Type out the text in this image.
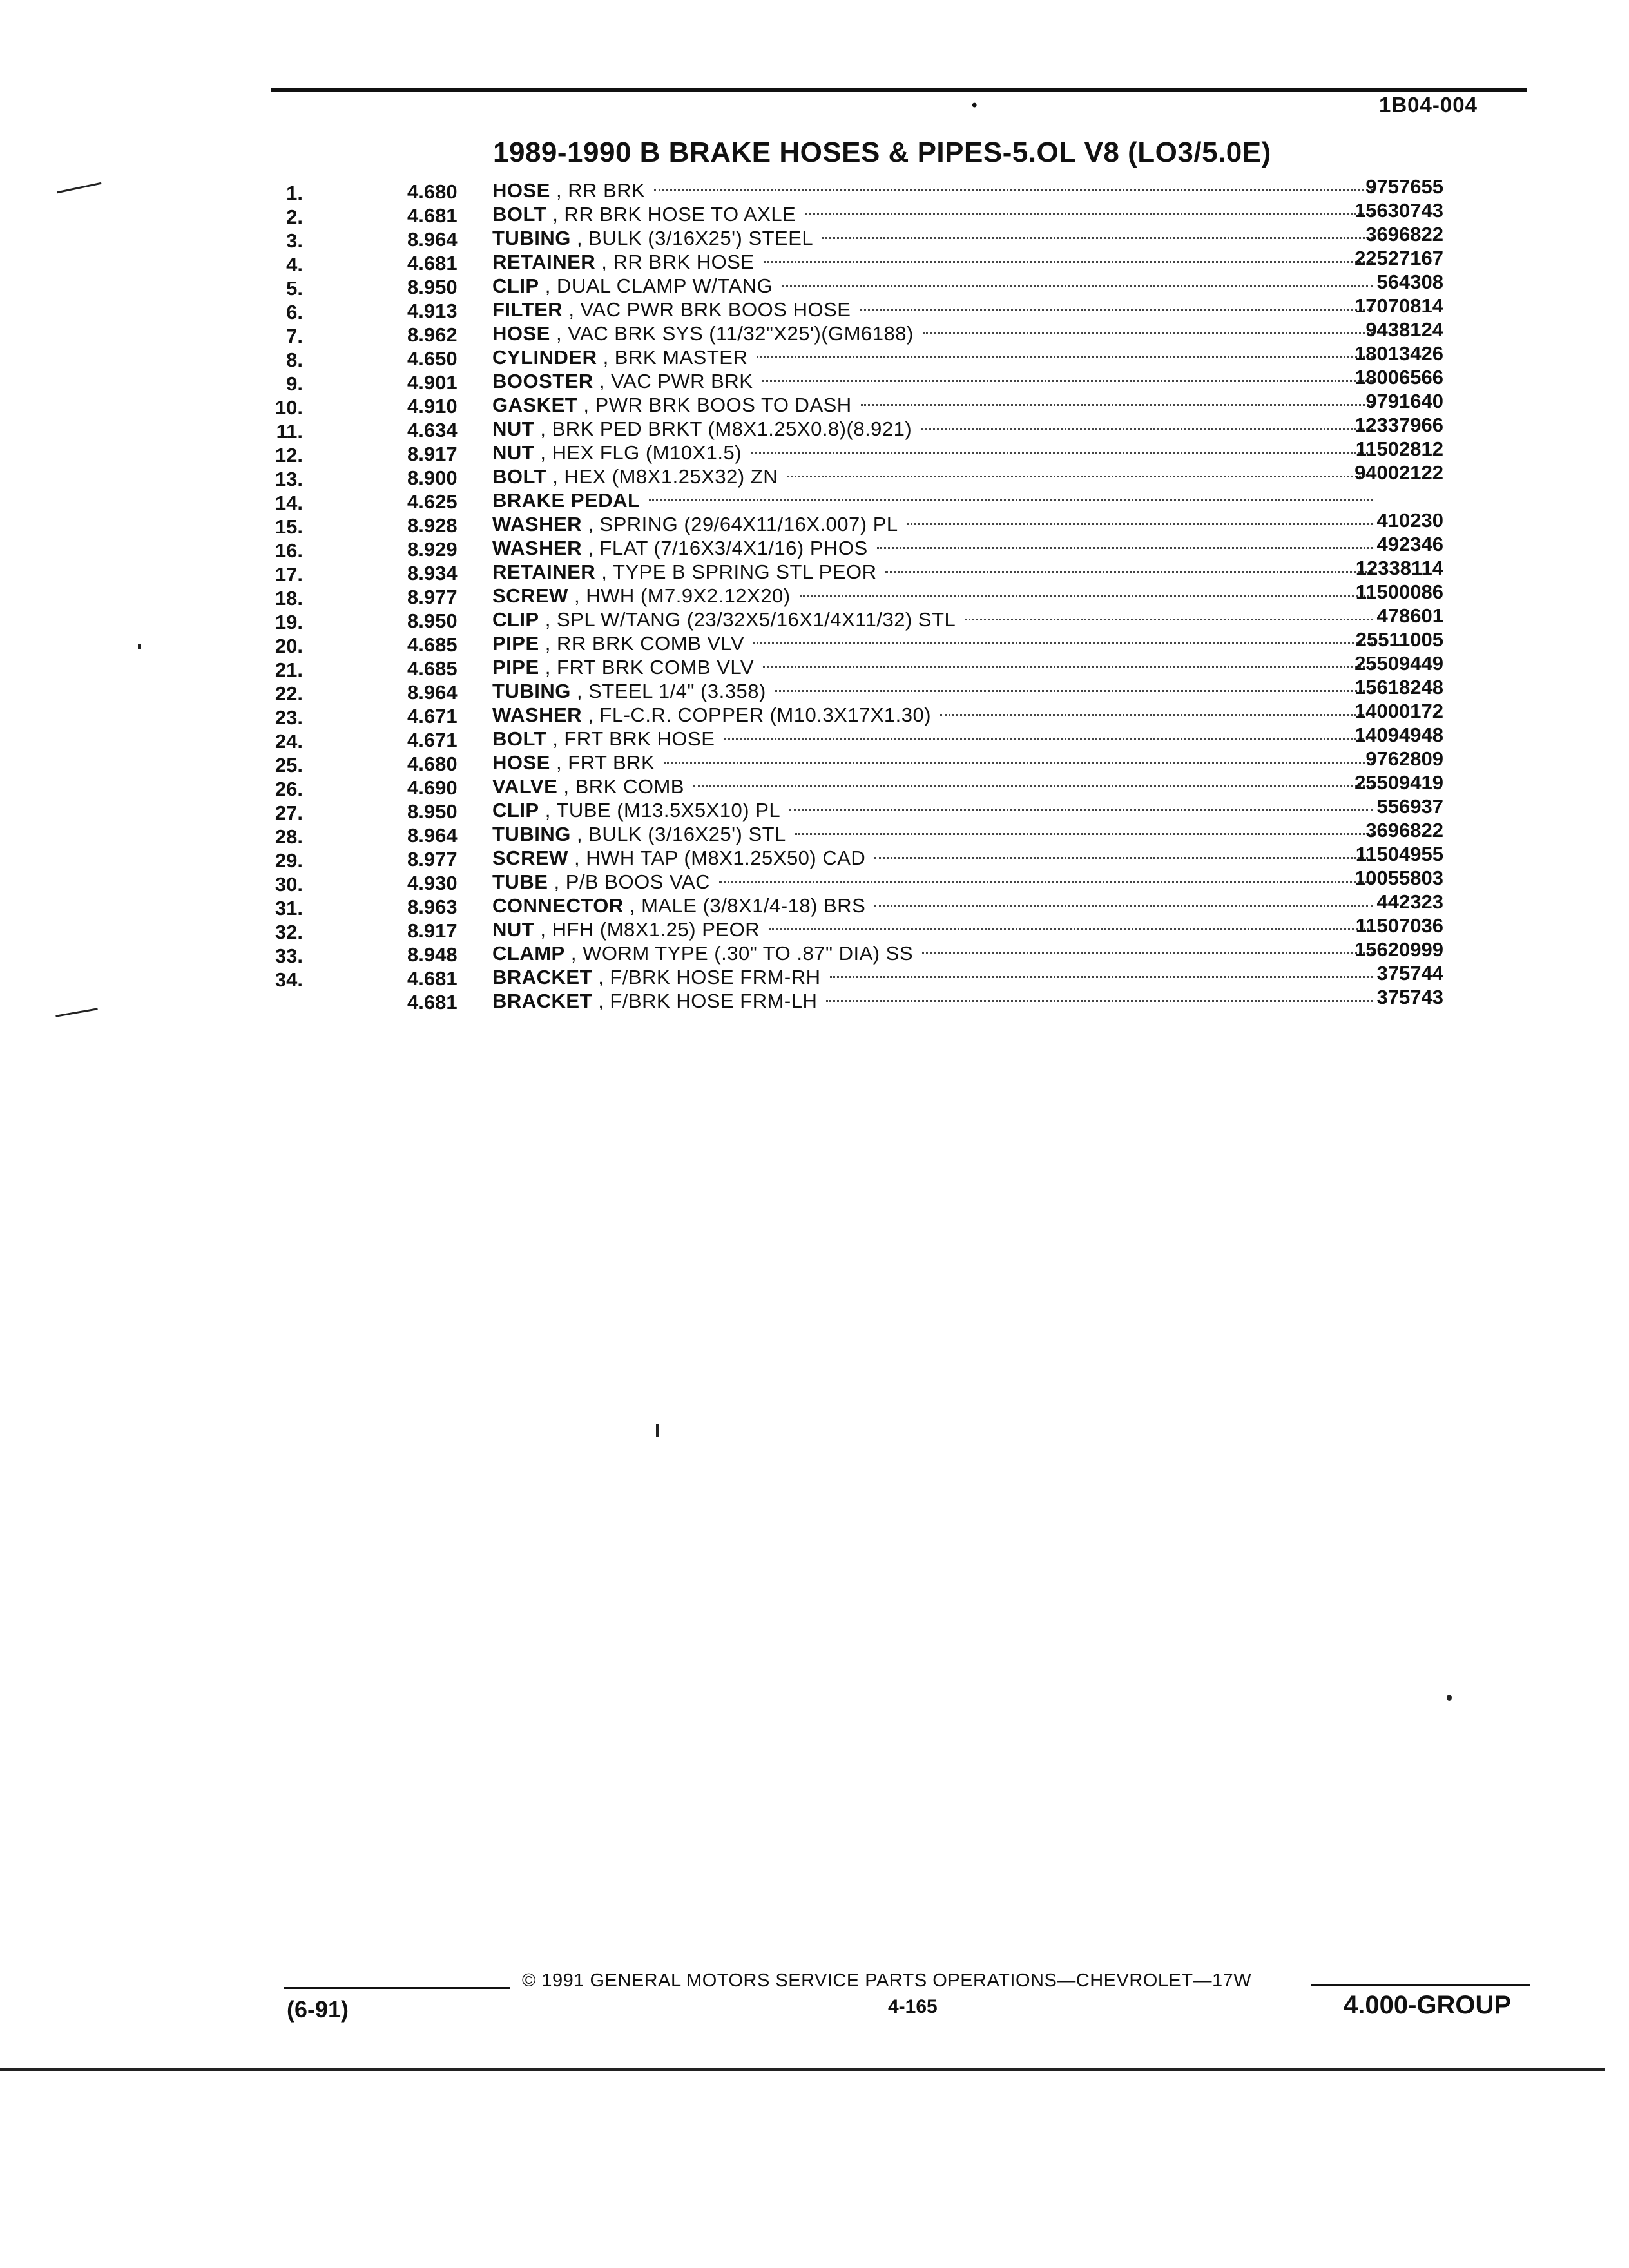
•	1B04-004
1989-1990 B BRAKE HOSES & PIPES-5.OL V8 (LO3/5.0E)
1.	4.680 HOSE , RR BRK	9757655
2.	4.681 BOLT , RR BRK HOSE TO AXLE	15630743
3.	8.964 TUBING , BULK (3/16X25') STEEL	3696822
4.	4.681 RETAINER , RR BRK HOSE	22527167
5.	8.950 CLIP , DUAL CLAMP W/TANG	564308
6.	4.913 FILTER , VAC PWR BRK BOOS HOSE	17070814
7.	8.962 HOSE , VAC BRK SYS (11/32"X25')(GM6188)	9438124
8.	4.650 CYLINDER , BRK MASTER	18013426
9.	4.901 BOOSTER , VAC PWR BRK	18006566
10.	4.910 GASKET , PWR BRK BOOS TO DASH	9791640
11.	4.634 NUT , BRK PED BRKT (M8X1.25X0.8)(8.921)	12337966
12.	8.917 NUT , HEX FLG (M10X1.5)	11502812
13.	8.900 BOLT , HEX (M8X1.25X32) ZN	94002122
14.	4.625 BRAKE PEDAL
15.	8.928 WASHER , SPRING (29/64X11/16X.007) PL	410230
16.	8.929 WASHER , FLAT (7/16X3/4X1/16) PHOS	492346
17.	8.934 RETAINER , TYPE B SPRING STL PEOR	12338114
18.	8.977 SCREW , HWH (M7.9X2.12X20)	11500086
19.	8.950 CLIP , SPL W/TANG (23/32X5/16X1/4X11/32) STL	478601
20.	4.685 PIPE , RR BRK COMB VLV	25511005
21.	4.685 PIPE , FRT BRK COMB VLV	25509449
22.	8.964 TUBING , STEEL 1/4" (3.358)	15618248
23.	4.671 WASHER , FL-C.R. COPPER (M10.3X17X1.30)	14000172
24.	4.671 BOLT , FRT BRK HOSE	14094948
25.	4.680 HOSE , FRT BRK	9762809
26.	4.690 VALVE , BRK COMB	25509419
27.	8.950 CLIP , TUBE (M13.5X5X10) PL	556937
28.	8.964 TUBING , BULK (3/16X25') STL	3696822
29.	8.977 SCREW , HWH TAP (M8X1.25X50) CAD	11504955
30.	4.930 TUBE , P/B BOOS VAC	10055803
31.	8.963 CONNECTOR , MALE (3/8X1/4-18) BRS	442323
32.	8.917 NUT , HFH (M8X1.25) PEOR	11507036
33.	8.948 CLAMP , WORM TYPE (.30" TO .87" DIA) SS	15620999
34.	4.681 BRACKET , F/BRK HOSE FRM-RH	375744
4.681 BRACKET , F/BRK HOSE FRM-LH	375743
© 1991 GENERAL MOTORS SERVICE PARTS OPERATIONS—CHEVROLET—17W
(6-91)	4-165	4.000-GROUP
